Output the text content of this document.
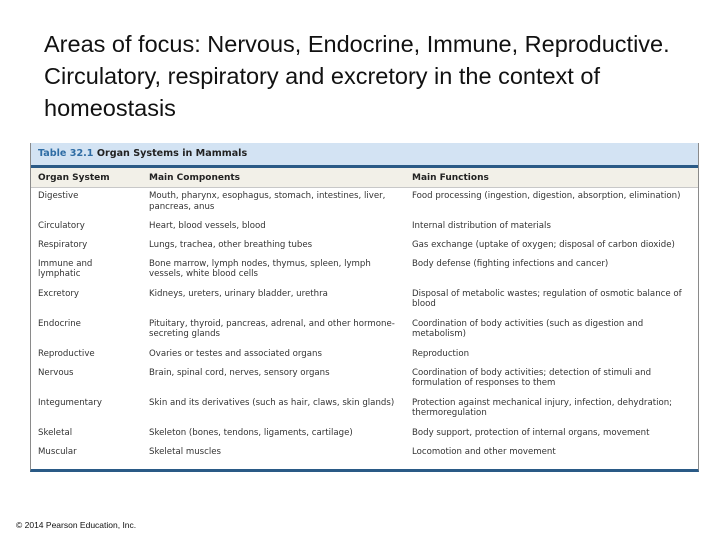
Areas of focus: Nervous, Endocrine, Immune, Reproductive. Circulatory, respiratory and excretory in the context of homeostasis
Table 32.1 Organ Systems in Mammals
Organ System	Main Components	Main Functions
Digestive	Mouth, pharynx, esophagus, stomach, intestines, liver, pancreas, anus	Food processing (ingestion, digestion, absorption, elimination)
Circulatory	Heart, blood vessels, blood	Internal distribution of materials
Respiratory	Lungs, trachea, other breathing tubes	Gas exchange (uptake of oxygen; disposal of carbon dioxide)
Immune and lymphatic	Bone marrow, lymph nodes, thymus, spleen, lymph vessels, white blood cells	Body defense (fighting infections and cancer)
Excretory	Kidneys, ureters, urinary bladder, urethra	Disposal of metabolic wastes; regulation of osmotic balance of blood
Endocrine	Pituitary, thyroid, pancreas, adrenal, and other hormone-secreting glands	Coordination of body activities (such as digestion and metabolism)
Reproductive	Ovaries or testes and associated organs	Reproduction
Nervous	Brain, spinal cord, nerves, sensory organs	Coordination of body activities; detection of stimuli and formulation of responses to them
Integumentary	Skin and its derivatives (such as hair, claws, skin glands)	Protection against mechanical injury, infection, dehydration; thermoregulation
Skeletal	Skeleton (bones, tendons, ligaments, cartilage)	Body support, protection of internal organs, movement
Muscular	Skeletal muscles	Locomotion and other movement
© 2014 Pearson Education, Inc.
